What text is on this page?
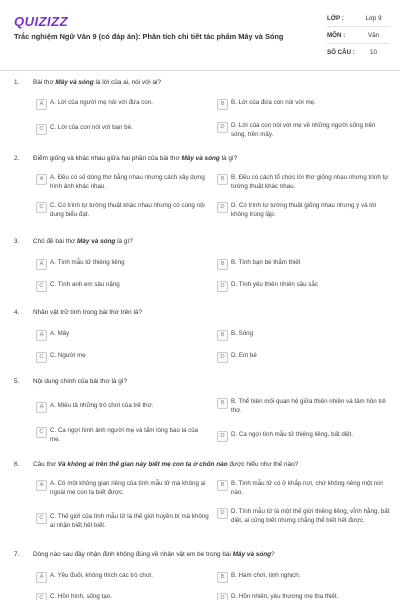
QUIZIZZ
Trắc nghiệm Ngữ Văn 9 (có đáp án): Phân tích chi tiết tác phẩm Mây và Sóng
LỚP :	Lớp 9
MÔN :	Văn
SỐ CÂU :	10
1.	Bài thơ Mây và sóng là lời của ai, nói với ai?
A	A. Lời của người mẹ nói với đứa con.	B	B. Lời của đứa con nói với mẹ.
C	C. Lời của con nói với bạn bè.	D	D. Lời của con nói với mẹ về những người sống trên sóng, trên mây.
2.	Điểm giống và khác nhau giữa hai phần của bài thơ Mây và sóng là gì?
A	A. Đều có số dòng thơ bằng nhau nhưng cách xây dựng hình ảnh khác nhau.
B	B. Đều có cách tổ chức lời thơ giống nhau nhưng trình tự tường thuật khác nhau.
C	C. Có trình tự tường thuật khác nhau nhưng có cùng nội dung biểu đạt.
D	D. Có trình tự tường thuật giống nhau nhưng ý và lời không trùng lặp.
3.	Chủ đề bài thơ Mây và sóng là gì?
A	A. Tình mẫu tử thiêng liêng	B	B. Tình bạn bè thắm thiết
C	C. Tình anh em sâu nặng	D	D. Tình yêu thiên nhiên sâu sắc
4.	Nhân vật trữ tình trong bài thơ trên là?
A	A. Mây	B	B. Sóng
C	C. Người mẹ	D	D. Em bé
5.	Nội dung chính của bài thơ là gì?
A	A. Miêu tả những trò chơi của trẻ thơ.	B	B. Thể hiện mối quan hệ giữa thiên nhiên và tâm hồn trẻ thơ.
C	C. Ca ngợi hình ảnh người mẹ và tấm lòng bao la của mẹ.	D	D. Ca ngợi tình mẫu tử thiêng liêng, bất diệt.
6.	Câu thơ Và không ai trên thế gian này biết mẹ con ta ở chốn nào được hiểu như thế nào?
A	A. Có một không gian riêng của tình mẫu tử mà không ai ngoài mẹ con ta biết được.
B	B. Tình mẫu tử có ở khắp nơi, chứ không riêng một nơi nào.
C	C. Thế giới của tình mẫu tử là thế giới huyền bí mà không ai nhận biết hết biết.
D	D. Tình mẫu tử là một thế giới thiêng liêng, vĩnh hằng, bất diệt, ai cũng biết nhưng chẳng thể biết hết được.
7.	Dòng nào sau đây nhận định không đúng về nhân vật em bé trong bài Mây và sóng?
A	A. Yêu đuối, không thích các trò chơi.	B	B. Ham chơi, tinh nghịch.
C	C. Hồn hình, sống tạo.	D	D. Hồn nhiên, yêu thương mẹ tha thiết.
